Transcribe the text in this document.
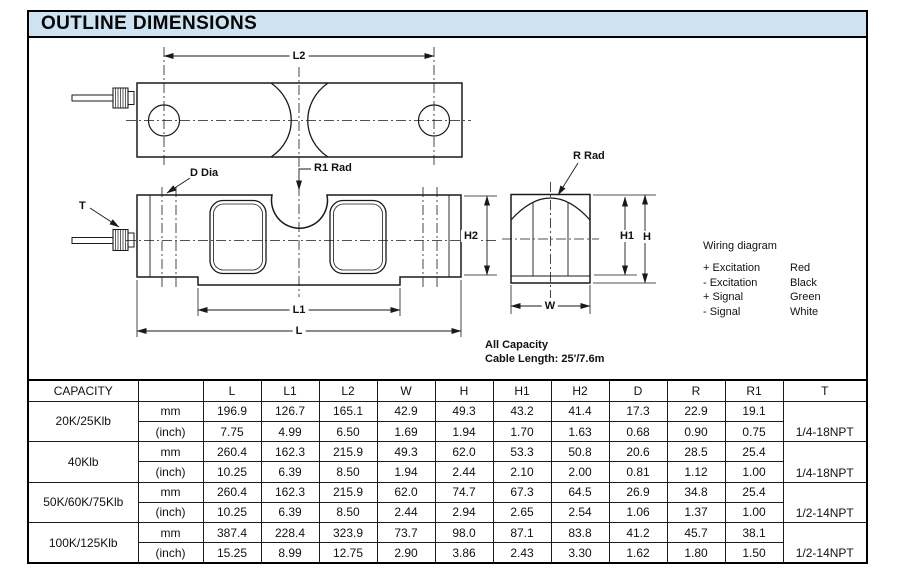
OUTLINE DIMENSIONS
L2
L1
L
W
H2	H1 H
T
D Dia	R1 Rad
R Rad
Wiring diagram
+ Excitation	Red
- Excitation	Black
+ Signal	Green
- Signal	White
All Capacity
Cable Length: 25'/7.6m
CAPACITY		L	L1	L2	W	H	H1	H2	D	R	R1	T
20K/25Klb	mm	196.9	126.7	165.1	42.9	49.3	43.2	41.4	17.3	22.9	19.1	1/4-18NPT
	(inch)	7.75	4.99	6.50	1.69	1.94	1.70	1.63	0.68	0.90	0.75	
40Klb	mm	260.4	162.3	215.9	49.3	62.0	53.3	50.8	20.6	28.5	25.4	1/4-18NPT
	(inch)	10.25	6.39	8.50	1.94	2.44	2.10	2.00	0.81	1.12	1.00	
50K/60K/75Klb	mm	260.4	162.3	215.9	62.0	74.7	67.3	64.5	26.9	34.8	25.4	1/2-14NPT
	(inch)	10.25	6.39	8.50	2.44	2.94	2.65	2.54	1.06	1.37	1.00	
100K/125Klb	mm	387.4	228.4	323.9	73.7	98.0	87.1	83.8	41.2	45.7	38.1	1/2-14NPT
	(inch)	15.25	8.99	12.75	2.90	3.86	2.43	3.30	1.62	1.80	1.50	
